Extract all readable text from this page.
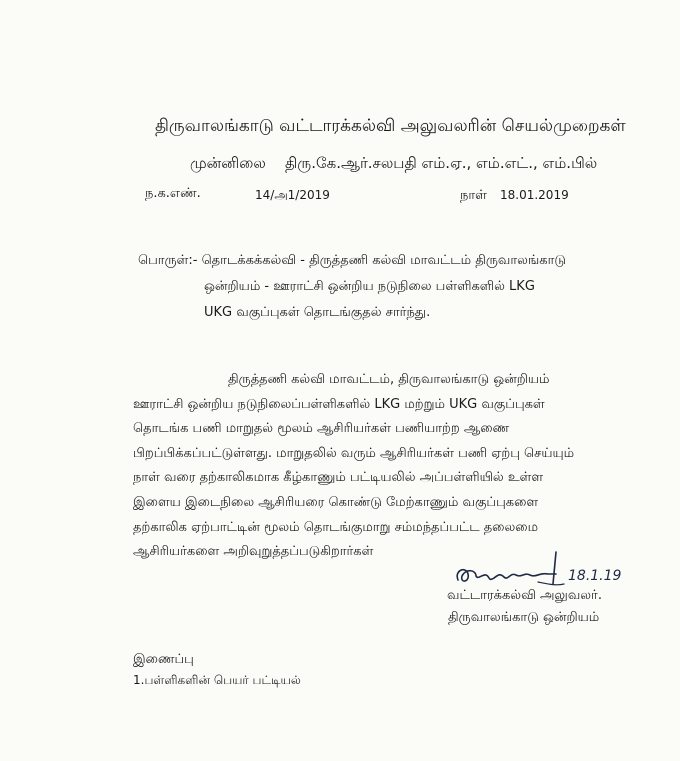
திருவாலங்காடு வட்டாரக்கல்வி அலுவலரின் செயல்முறைகள்
முன்னிலை திரு.கே.ஆர்.சலபதி எம்.ஏ., எம்.எட்., எம்.பில்
ந.க.எண்.	14/அ1/2019	நாள் 18.01.2019
பொருள்:- தொடக்கக்கல்வி - திருத்தணி கல்வி மாவட்டம் திருவாலங்காடு
ஒன்றியம் - ஊராட்சி ஒன்றிய நடுநிலை பள்ளிகளில் LKG
UKG வகுப்புகள் தொடங்குதல் சார்ந்து.
திருத்தணி கல்வி மாவட்டம், திருவாலங்காடு ஒன்றியம்
ஊராட்சி ஒன்றிய நடுநிலைப்பள்ளிகளில் LKG மற்றும் UKG வகுப்புகள்
தொடங்க பணி மாறுதல் மூலம் ஆசிரியர்கள் பணியாற்ற ஆணை
பிறப்பிக்கப்பட்டுள்ளது. மாறுதலில் வரும் ஆசிரியர்கள் பணி ஏற்பு செய்யும்
நாள் வரை தற்காலிகமாக கீழ்காணும் பட்டியலில் அப்பள்ளியில் உள்ள
இளைய இடைநிலை ஆசிரியரை கொண்டு மேற்காணும் வகுப்புகளை
தற்காலிக ஏற்பாட்டின் மூலம் தொடங்குமாறு சம்மந்தப்பட்ட தலைமை
ஆசிரியர்களை அறிவுறுத்தப்படுகிறார்கள்
18.1.19
வட்டாரக்கல்வி அலுவலர்.
திருவாலங்காடு ஒன்றியம்
இணைப்பு
1.பள்ளிகளின் பெயர் பட்டியல்
